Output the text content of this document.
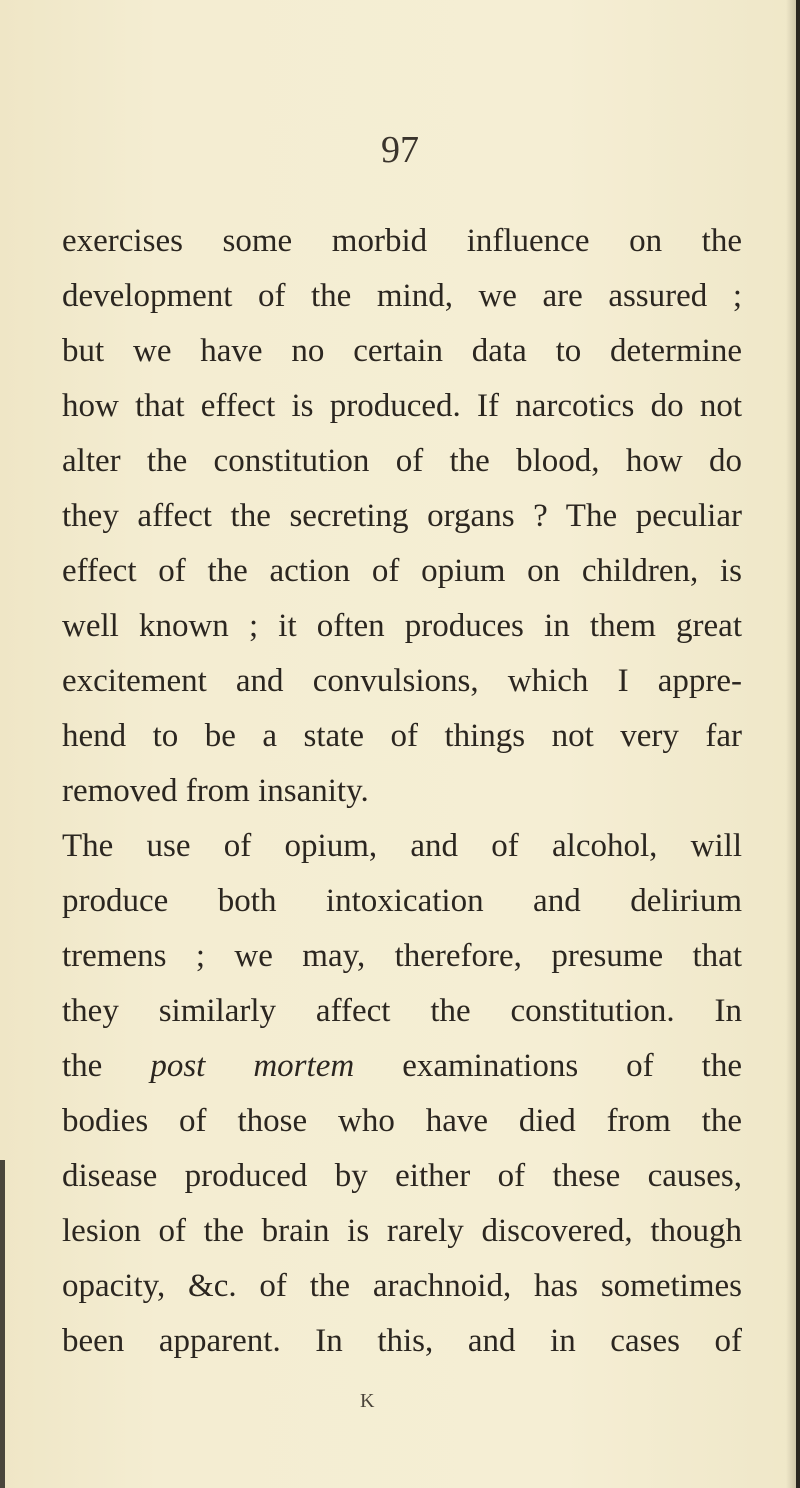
97
exercises some morbid influence on the
development of the mind, we are assured ;
but we have no certain data to determine
how that effect is produced. If narcotics do not
alter the constitution of the blood, how do
they affect the secreting organs ? The peculiar
effect of the action of opium on children, is
well known ; it often produces in them great
excitement and convulsions, which I appre-
hend to be a state of things not very far
removed from insanity.
The use of opium, and of alcohol, will
produce both intoxication and delirium
tremens ; we may, therefore, presume that
they similarly affect the constitution. In
the post mortem examinations of the
bodies of those who have died from the
disease produced by either of these causes,
lesion of the brain is rarely discovered, though
opacity, &c. of the arachnoid, has sometimes
been apparent. In this, and in cases of
K
